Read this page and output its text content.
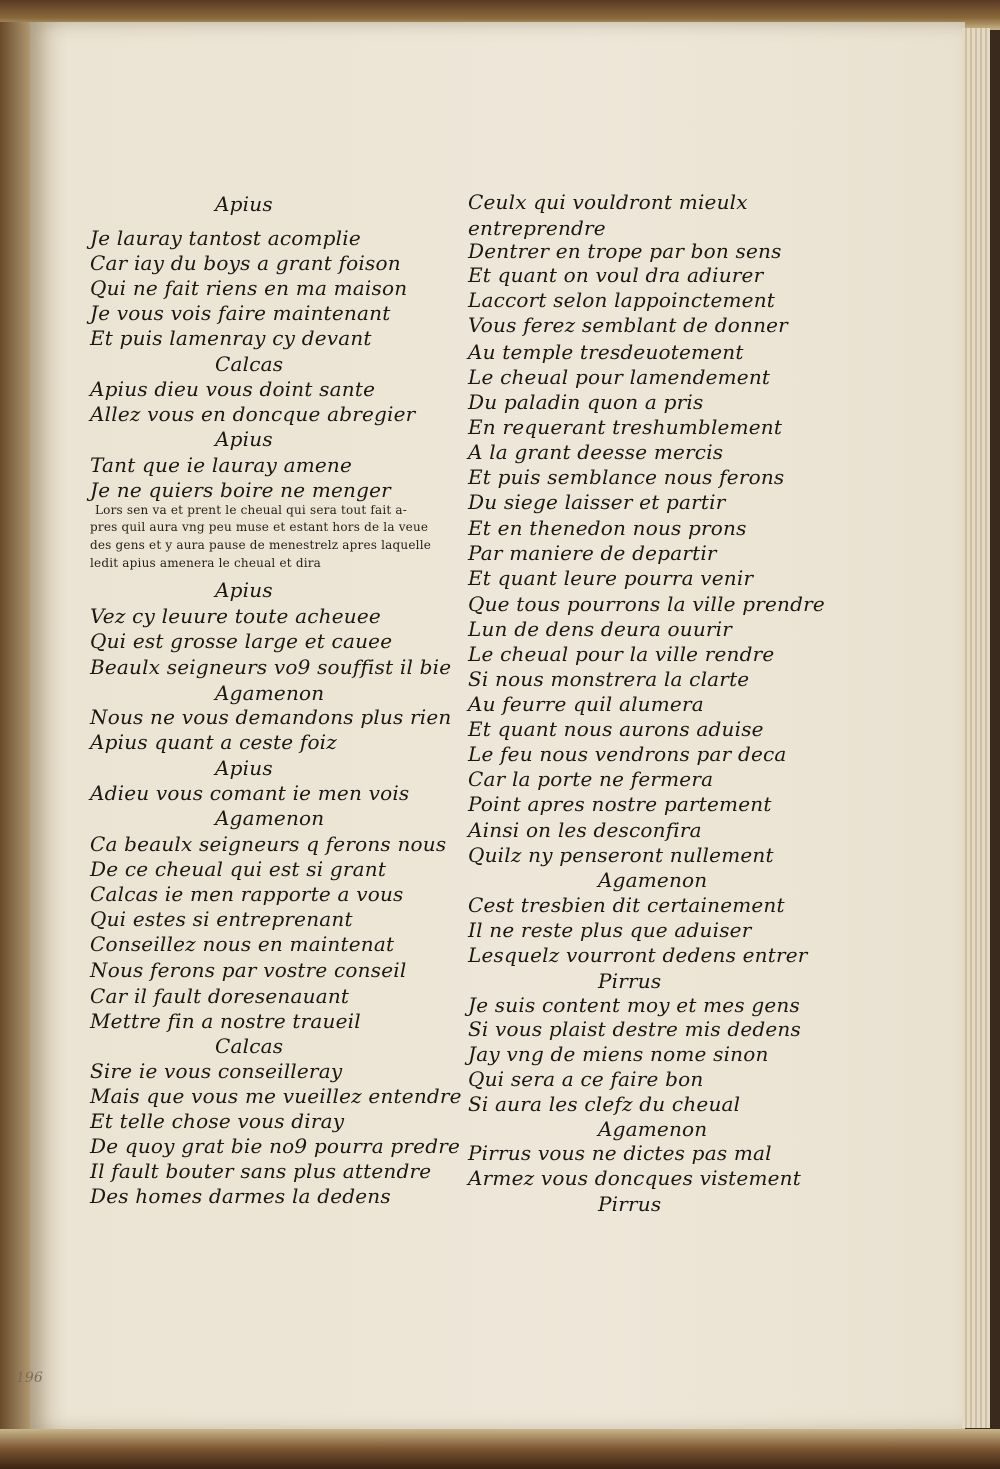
Apius
Je lauray tantost acomplie
Car iay du boys a grant foison
Qui ne fait riens en ma maison
Je vous vois faire maintenant
Et puis lamenray cy devant
Calcas
Apius dieu vous doint sante
Allez vous en doncque abregier
Apius
Tant que ie lauray amene
Je ne quiers boire ne menger
Lors sen va et prent le cheual qui sera tout fait a-
pres quil aura vng peu muse et estant hors de la veue
des gens et y aura pause de menestrelz apres laquelle
ledit apius amenera le cheual et dira
Apius
Vez cy leuure toute acheuee
Qui est grosse large et cauee
Beaulx seigneurs vo9 souffist il bie
Agamenon
Nous ne vous demandons plus rien
Apius quant a ceste foiz
Apius
Adieu vous comant ie men vois
Agamenon
Ca beaulx seigneurs q ferons nous
De ce cheual qui est si grant
Calcas ie men rapporte a vous
Qui estes si entreprenant
Conseillez nous en maintenat
Nous ferons par vostre conseil
Car il fault doresenauant
Mettre fin a nostre traueil
Calcas
Sire ie vous conseilleray
Mais que vous me vueillez entendre
Et telle chose vous diray
De quoy grat bie no9 pourra predre
Il fault bouter sans plus attendre
Des homes darmes la dedens
Ceulx qui vouldront mieulx
entreprendre
Dentrer en trope par bon sens
Et quant on voul dra adiurer
Laccort selon lappoinctement
Vous ferez semblant de donner
Au temple tresdeuotement
Le cheual pour lamendement
Du paladin quon a pris
En requerant treshumblement
A la grant deesse mercis
Et puis semblance nous ferons
Du siege laisser et partir
Et en thenedon nous prons
Par maniere de departir
Et quant leure pourra venir
Que tous pourrons la ville prendre
Lun de dens deura ouurir
Le cheual pour la ville rendre
Si nous monstrera la clarte
Au feurre quil alumera
Et quant nous aurons aduise
Le feu nous vendrons par deca
Car la porte ne fermera
Point apres nostre partement
Ainsi on les desconfira
Quilz ny penseront nullement
Agamenon
Cest tresbien dit certainement
Il ne reste plus que aduiser
Lesquelz vourront dedens entrer
Pirrus
Je suis content moy et mes gens
Si vous plaist destre mis dedens
Jay vng de miens nome sinon
Qui sera a ce faire bon
Si aura les clefz du cheual
Agamenon
Pirrus vous ne dictes pas mal
Armez vous doncques vistement
Pirrus
196
